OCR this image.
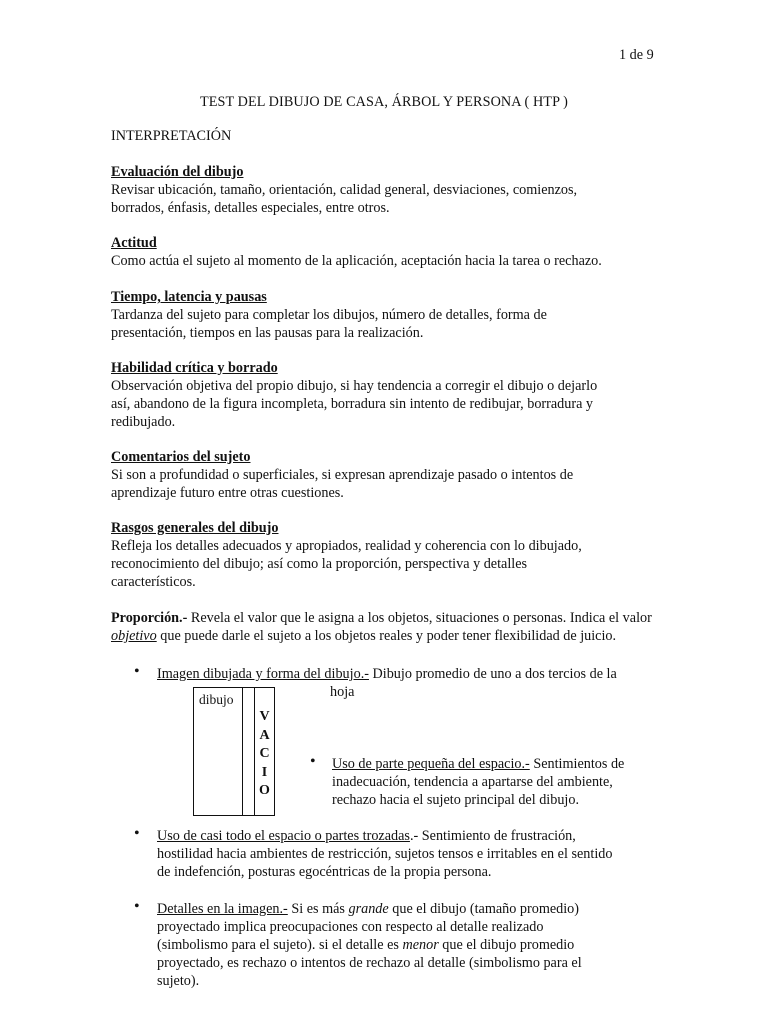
1 de 9
TEST DEL DIBUJO DE CASA, ÁRBOL Y PERSONA ( HTP )
INTERPRETACIÓN
Evaluación del dibujo
Revisar ubicación, tamaño, orientación, calidad general, desviaciones, comienzos,
borrados, énfasis, detalles especiales, entre otros.
Actitud
Como actúa el sujeto al momento de la aplicación, aceptación hacia la tarea o rechazo.
Tiempo, latencia y pausas
Tardanza del sujeto para completar los dibujos, número de detalles, forma de
presentación, tiempos en las pausas para la realización.
Habilidad crítica y borrado
Observación objetiva del propio dibujo, si hay tendencia a corregir el dibujo o dejarlo
así, abandono de la figura incompleta, borradura sin intento de redibujar, borradura y
redibujado.
Comentarios del sujeto
Si son a profundidad o superficiales, si expresan aprendizaje pasado o intentos de
aprendizaje futuro entre otras cuestiones.
Rasgos generales del dibujo
Refleja los detalles adecuados y apropiados, realidad y coherencia con lo dibujado,
reconocimiento del dibujo; así como la proporción, perspectiva y detalles
característicos.
Proporción.- Revela el valor que le asigna a los objetos, situaciones o personas. Indica el valor objetivo que puede darle el sujeto a los objetos reales y poder tener flexibilidad de juicio.
• Imagen dibujada y forma del dibujo.- Dibujo promedio de uno a dos tercios de la
hoja
dibujo
V
A
C
I
O
• Uso de parte pequeña del espacio.- Sentimientos de
inadecuación, tendencia a apartarse del ambiente,
rechazo hacia el sujeto principal del dibujo.
• Uso de casi todo el espacio o partes trozadas.- Sentimiento de frustración,
hostilidad hacia ambientes de restricción, sujetos tensos e irritables en el sentido
de indefención, posturas egocéntricas de la propia persona.
• Detalles en la imagen.- Si es más grande que el dibujo (tamaño promedio)
proyectado implica preocupaciones con respecto al detalle realizado
(simbolismo para el sujeto). si el detalle es menor que el dibujo promedio
proyectado, es rechazo o intentos de rechazo al detalle (simbolismo para el
sujeto).
